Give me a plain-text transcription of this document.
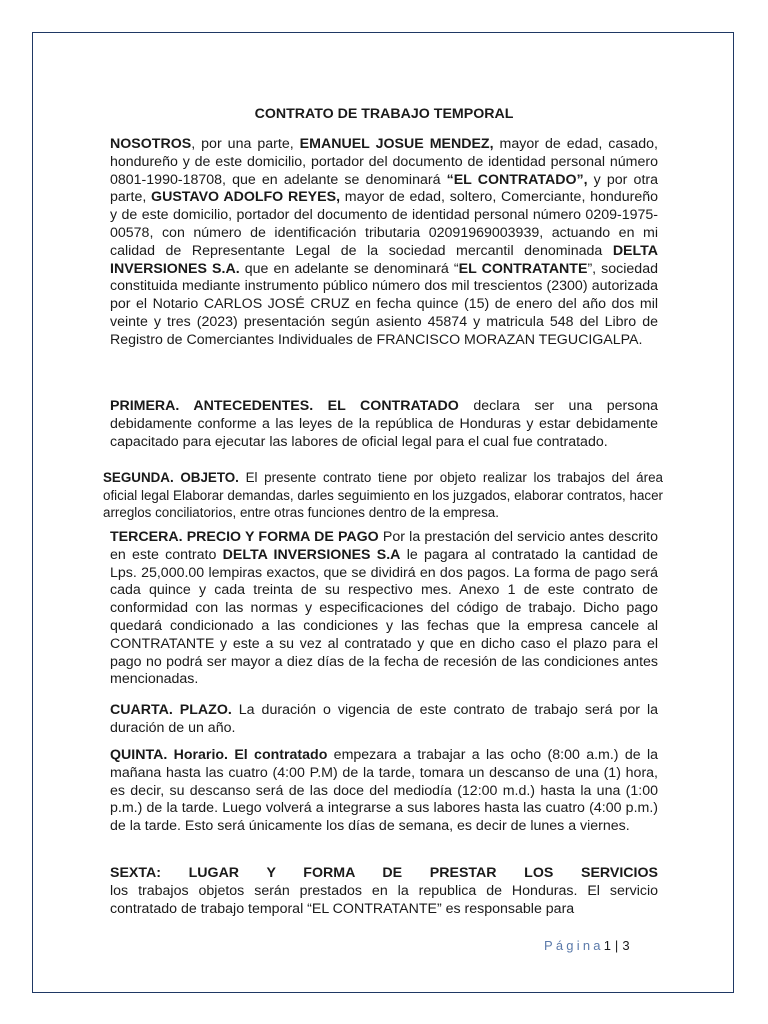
CONTRATO DE TRABAJO TEMPORAL
NOSOTROS, por una parte, EMANUEL JOSUE MENDEZ, mayor de edad, casado, hondureño y de este domicilio, portador del documento de identidad personal número 0801-1990-18708, que en adelante se denominará “EL CONTRATADO”, y por otra parte, GUSTAVO ADOLFO REYES, mayor de edad, soltero, Comerciante, hondureño y de este domicilio, portador del documento de identidad personal número 0209-1975-00578, con número de identificación tributaria 02091969003939, actuando en mi calidad de Representante Legal de la sociedad mercantil denominada DELTA INVERSIONES S.A. que en adelante se denominará “EL CONTRATANTE”, sociedad constituida mediante instrumento público número dos mil trescientos (2300) autorizada por el Notario CARLOS JOSÉ CRUZ en fecha quince (15) de enero del año dos mil veinte y tres (2023) presentación según asiento 45874 y matricula 548 del Libro de Registro de Comerciantes Individuales de FRANCISCO MORAZAN TEGUCIGALPA.
PRIMERA. ANTECEDENTES. EL CONTRATADO declara ser una persona debidamente conforme a las leyes de la república de Honduras y estar debidamente capacitado para ejecutar las labores de oficial legal para el cual fue contratado.
SEGUNDA. OBJETO. El presente contrato tiene por objeto realizar los trabajos del área oficial legal Elaborar demandas, darles seguimiento en los juzgados, elaborar contratos, hacer arreglos conciliatorios, entre otras funciones dentro de la empresa.
TERCERA. PRECIO Y FORMA DE PAGO Por la prestación del servicio antes descrito en este contrato DELTA INVERSIONES S.A le pagara al contratado la cantidad de Lps. 25,000.00 lempiras exactos, que se dividirá en dos pagos. La forma de pago será cada quince y cada treinta de su respectivo mes. Anexo 1 de este contrato de conformidad con las normas y especificaciones del código de trabajo. Dicho pago quedará condicionado a las condiciones y las fechas que la empresa cancele al CONTRATANTE y este a su vez al contratado y que en dicho caso el plazo para el pago no podrá ser mayor a diez días de la fecha de recesión de las condiciones antes mencionadas.
CUARTA. PLAZO. La duración o vigencia de este contrato de trabajo será por la duración de un año.
QUINTA. Horario. El contratado empezara a trabajar a las ocho (8:00 a.m.) de la mañana hasta las cuatro (4:00 P.M) de la tarde, tomara un descanso de una (1) hora, es decir, su descanso será de las doce del mediodía (12:00 m.d.) hasta la una (1:00 p.m.) de la tarde. Luego volverá a integrarse a sus labores hasta las cuatro (4:00 p.m.) de la tarde. Esto será únicamente los días de semana, es decir de lunes a viernes.
SEXTA: LUGAR Y FORMA DE PRESTAR LOS SERVICIOS
los trabajos objetos serán prestados en la republica de Honduras. El servicio contratado de trabajo temporal “EL CONTRATANTE” es responsable para
Página1 | 3
